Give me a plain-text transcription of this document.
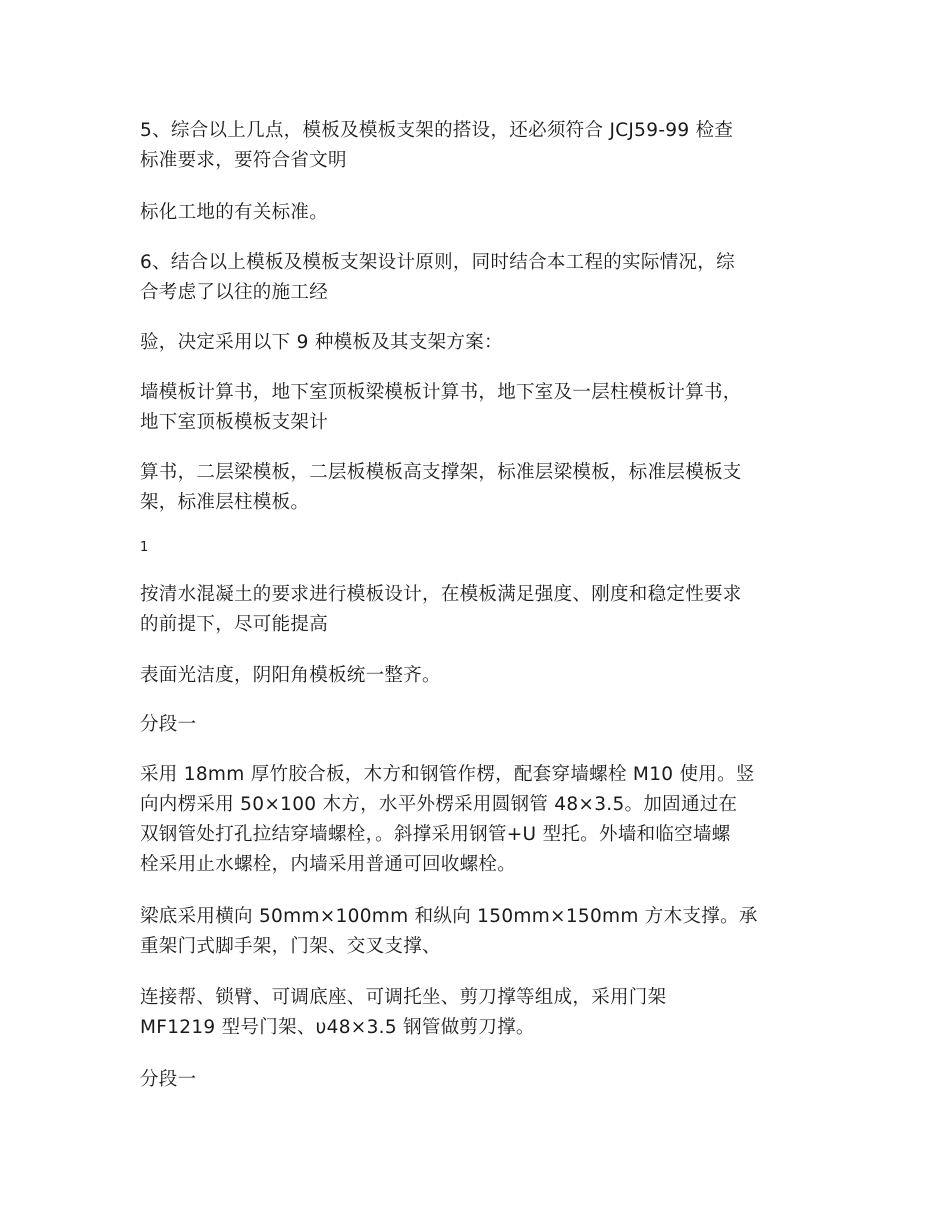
5、综合以上几点，模板及模板支架的搭设，还必须符合 JCJ59-99 检查
标准要求，要符合省文明
标化工地的有关标准。
6、结合以上模板及模板支架设计原则，同时结合本工程的实际情况，综
合考虑了以往的施工经
验，决定采用以下 9 种模板及其支架方案：
墙模板计算书，地下室顶板梁模板计算书，地下室及一层柱模板计算书，
地下室顶板模板支架计
算书，二层梁模板，二层板模板高支撑架，标准层梁模板，标准层模板支
架，标准层柱模板。
1
按清水混凝土的要求进行模板设计，在模板满足强度、刚度和稳定性要求
的前提下，尽可能提高
表面光洁度，阴阳角模板统一整齐。
分段一
采用 18mm 厚竹胶合板，木方和钢管作楞，配套穿墙螺栓 M10 使用。竖
向内楞采用 50×100 木方，水平外楞采用圆钢管 48×3.5。加固通过在
双钢管处打孔拉结穿墙螺栓，。斜撑采用钢管+U 型托。外墙和临空墙螺
栓采用止水螺栓，内墙采用普通可回收螺栓。
梁底采用横向 50mm×100mm 和纵向 150mm×150mm 方木支撑。承
重架门式脚手架，门架、交叉支撑、
连接帮、锁臂、可调底座、可调托坐、剪刀撑等组成，采用门架
MF1219 型号门架、υ48×3.5 钢管做剪刀撑。
分段一
